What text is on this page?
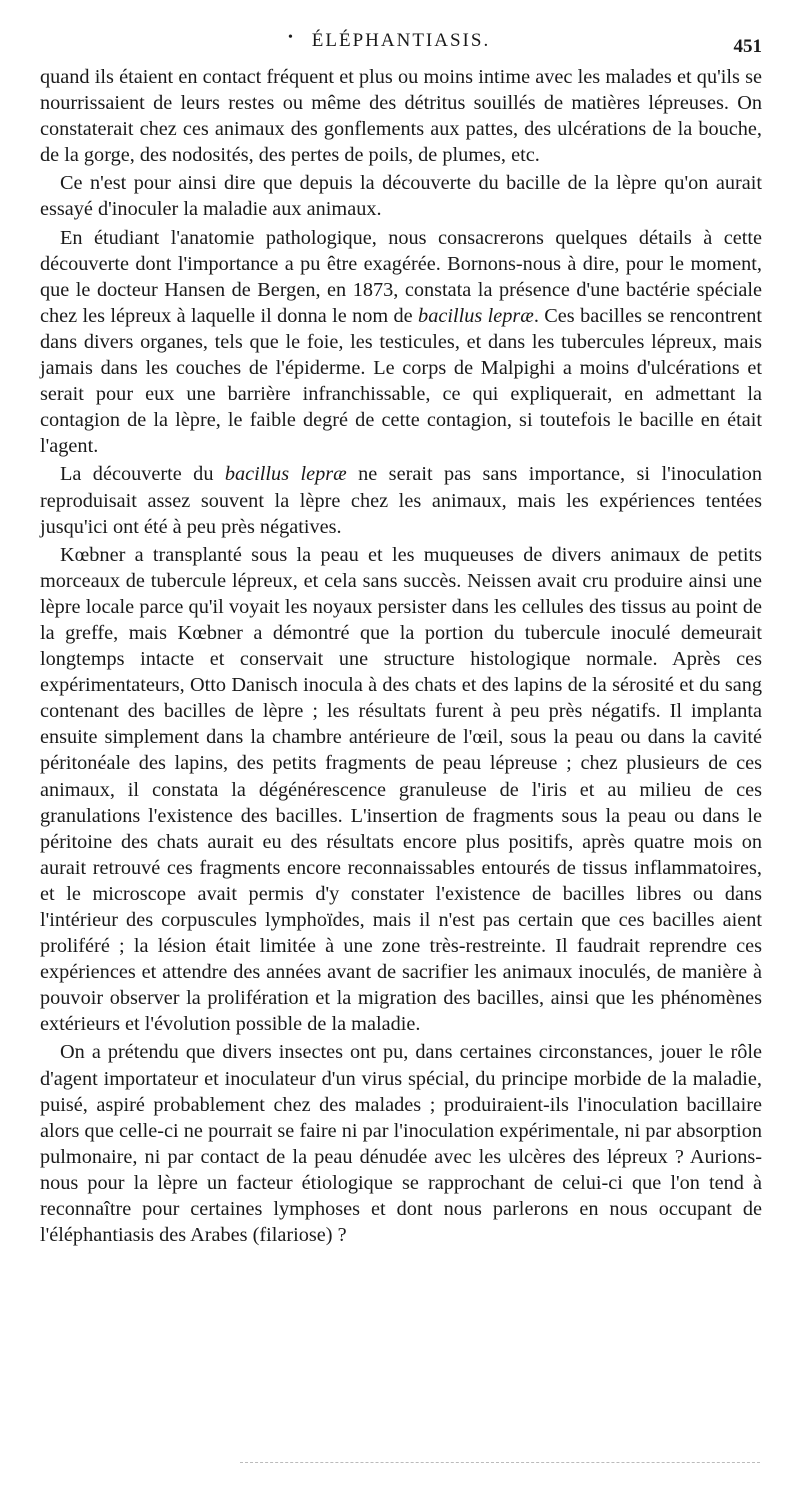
• ÉLÉPHANTIASIS.	451

quand ils étaient en contact fréquent et plus ou moins intime avec les malades et qu'ils se nourrissaient de leurs restes ou même des détritus souillés de matières lépreuses. On constaterait chez ces animaux des gonflements aux pattes, des ulcérations de la bouche, de la gorge, des nodosités, des pertes de poils, de plumes, etc.

Ce n'est pour ainsi dire que depuis la découverte du bacille de la lèpre qu'on aurait essayé d'inoculer la maladie aux animaux.

En étudiant l'anatomie pathologique, nous consacrerons quelques détails à cette découverte dont l'importance a pu être exagérée. Bornons-nous à dire, pour le moment, que le docteur Hansen de Bergen, en 1873, constata la présence d'une bactérie spéciale chez les lépreux à laquelle il donna le nom de bacillus lepræ. Ces bacilles se rencontrent dans divers organes, tels que le foie, les testicules, et dans les tubercules lépreux, mais jamais dans les couches de l'épiderme. Le corps de Malpighi a moins d'ulcérations et serait pour eux une barrière infranchissable, ce qui expliquerait, en admettant la contagion de la lèpre, le faible degré de cette contagion, si toutefois le bacille en était l'agent.

La découverte du bacillus lepræ ne serait pas sans importance, si l'inoculation reproduisait assez souvent la lèpre chez les animaux, mais les expériences tentées jusqu'ici ont été à peu près négatives.

Kœbner a transplanté sous la peau et les muqueuses de divers animaux de petits morceaux de tubercule lépreux, et cela sans succès. Neissen avait cru produire ainsi une lèpre locale parce qu'il voyait les noyaux persister dans les cellules des tissus au point de la greffe, mais Kœbner a démontré que la portion du tubercule inoculé demeurait longtemps intacte et conservait une structure histologique normale. Après ces expérimentateurs, Otto Danisch inocula à des chats et des lapins de la sérosité et du sang contenant des bacilles de lèpre ; les résultats furent à peu près négatifs. Il implanta ensuite simplement dans la chambre antérieure de l'œil, sous la peau ou dans la cavité péritonéale des lapins, des petits fragments de peau lépreuse ; chez plusieurs de ces animaux, il constata la dégénérescence granuleuse de l'iris et au milieu de ces granulations l'existence des bacilles. L'insertion de fragments sous la peau ou dans le péritoine des chats aurait eu des résultats encore plus positifs, après quatre mois on aurait retrouvé ces fragments encore reconnaissables entourés de tissus inflammatoires, et le microscope avait permis d'y constater l'existence de bacilles libres ou dans l'intérieur des corpuscules lymphoïdes, mais il n'est pas certain que ces bacilles aient proliféré ; la lésion était limitée à une zone très-restreinte. Il faudrait reprendre ces expériences et attendre des années avant de sacrifier les animaux inoculés, de manière à pouvoir observer la prolifération et la migration des bacilles, ainsi que les phénomènes extérieurs et l'évolution possible de la maladie.

On a prétendu que divers insectes ont pu, dans certaines circonstances, jouer le rôle d'agent importateur et inoculateur d'un virus spécial, du principe morbide de la maladie, puisé, aspiré probablement chez des malades ; produiraient-ils l'inoculation bacillaire alors que celle-ci ne pourrait se faire ni par l'inoculation expérimentale, ni par absorption pulmonaire, ni par contact de la peau dénudée avec les ulcères des lépreux ? Aurions-nous pour la lèpre un facteur étiologique se rapprochant de celui-ci que l'on tend à reconnaître pour certaines lymphoses et dont nous parlerons en nous occupant de l'éléphantiasis des Arabes (filariose) ?
